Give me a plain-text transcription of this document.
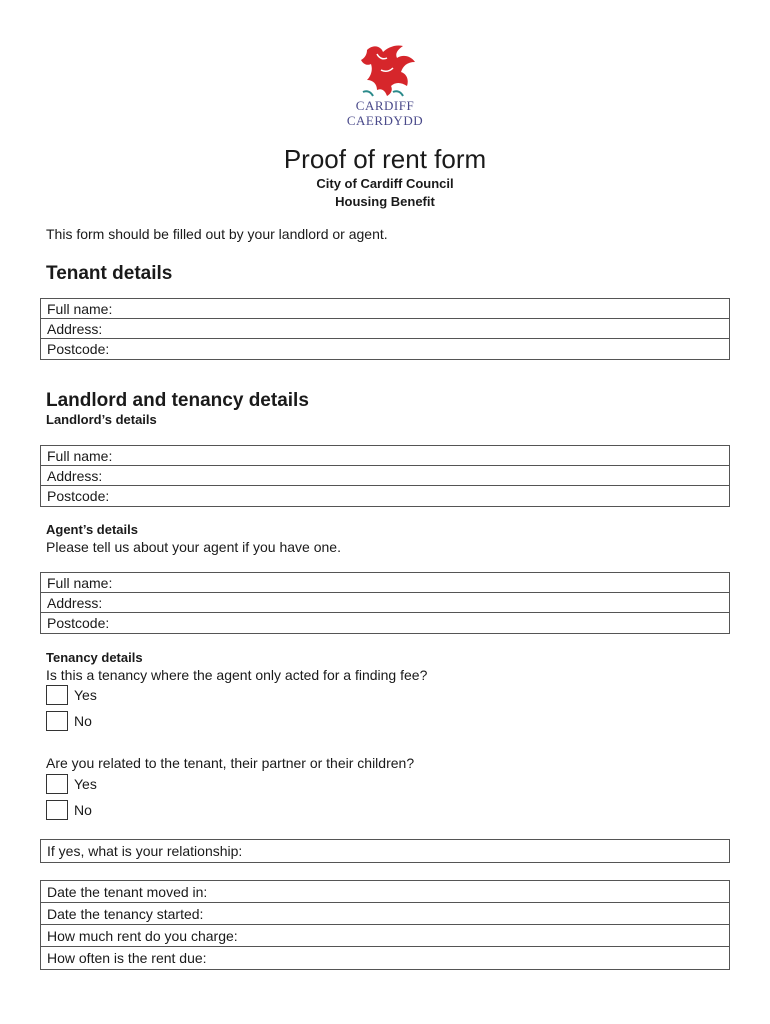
CARDIFF
CAERDYDD
Proof of rent form
City of Cardiff Council
Housing Benefit
This form should be filled out by your landlord or agent.
Tenant details
Full name:
Address:
Postcode:
Landlord and tenancy details
Landlord’s details
Full name:
Address:
Postcode:
Agent’s details
Please tell us about your agent if you have one.
Full name:
Address:
Postcode:
Tenancy details
Is this a tenancy where the agent only acted for a finding fee?
Yes
No
Are you related to the tenant, their partner or their children?
Yes
No
If yes, what is your relationship:
Date the tenant moved in:
Date the tenancy started:
How much rent do you charge:
How often is the rent due:
